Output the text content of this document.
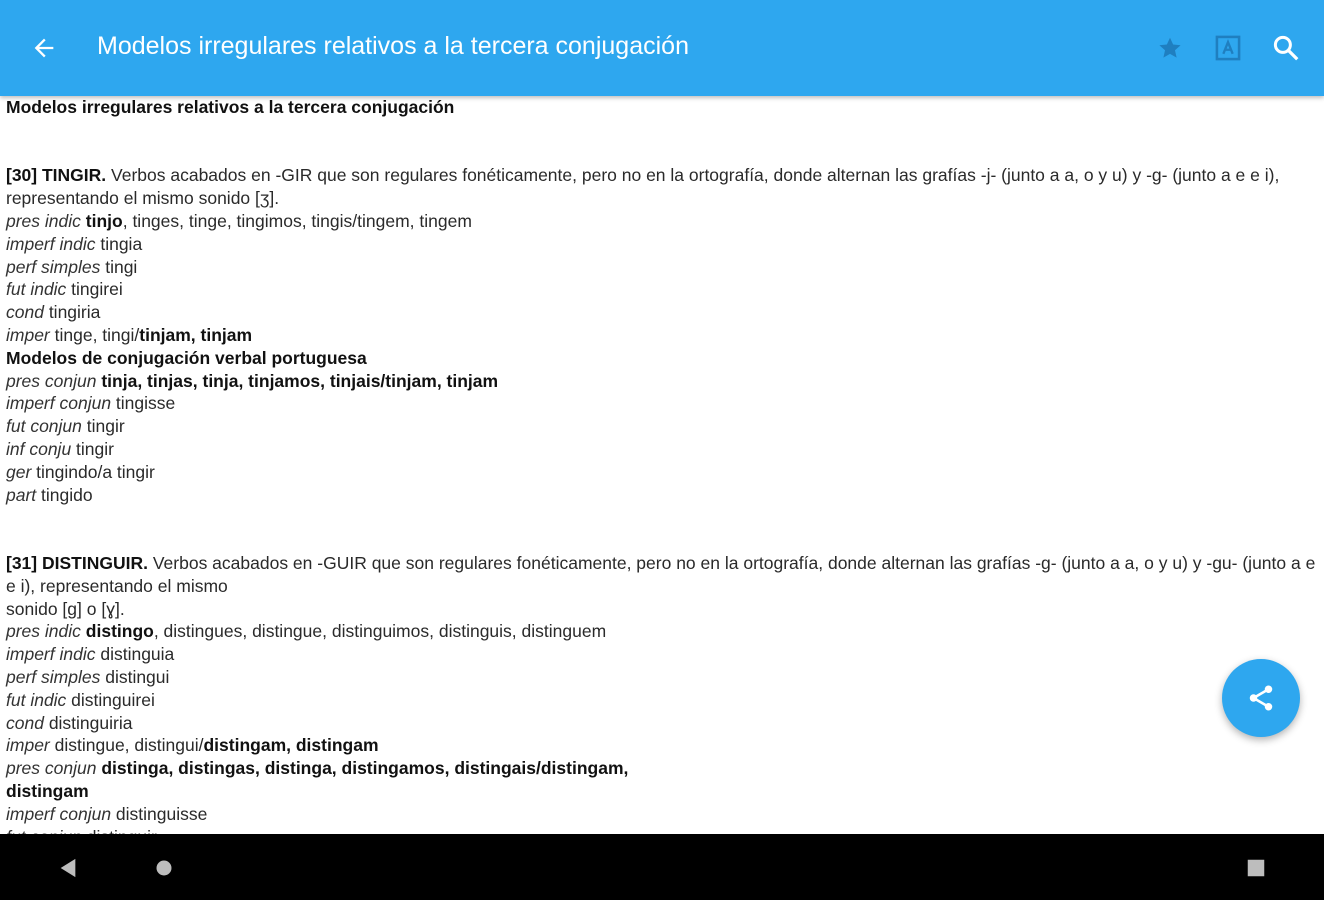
Modelos irregulares relativos a la tercera conjugación
Modelos irregulares relativos a la tercera conjugación
[30] TINGIR. Verbos acabados en -GIR que son regulares fonéticamente, pero no en la ortografía, donde alternan las grafías -j- (junto a a, o y u) y -g- (junto a e e i), representando el mismo sonido [ʒ].
pres indic tinjo, tinges, tinge, tingimos, tingis/tingem, tingem
imperf indic tingia
perf simples tingi
fut indic tingirei
cond tingiria
imper tinge, tingi/tinjam, tinjam
Modelos de conjugación verbal portuguesa
pres conjun tinja, tinjas, tinja, tinjamos, tinjais/tinjam, tinjam
imperf conjun tingisse
fut conjun tingir
inf conju tingir
ger tingindo/a tingir
part tingido
[31] DISTINGUIR. Verbos acabados en -GUIR que son regulares fonéticamente, pero no en la ortografía, donde alternan las grafías -g- (junto a a, o y u) y -gu- (junto a e e i), representando el mismo
sonido [g] o [ɣ].
pres indic distingo, distingues, distingue, distinguimos, distinguis, distinguem
imperf indic distinguia
perf simples distingui
fut indic distinguirei
cond distinguiria
imper distingue, distingui/distingam, distingam
pres conjun distinga, distingas, distinga, distingamos, distingais/distingam,
distingam
imperf conjun distinguisse
